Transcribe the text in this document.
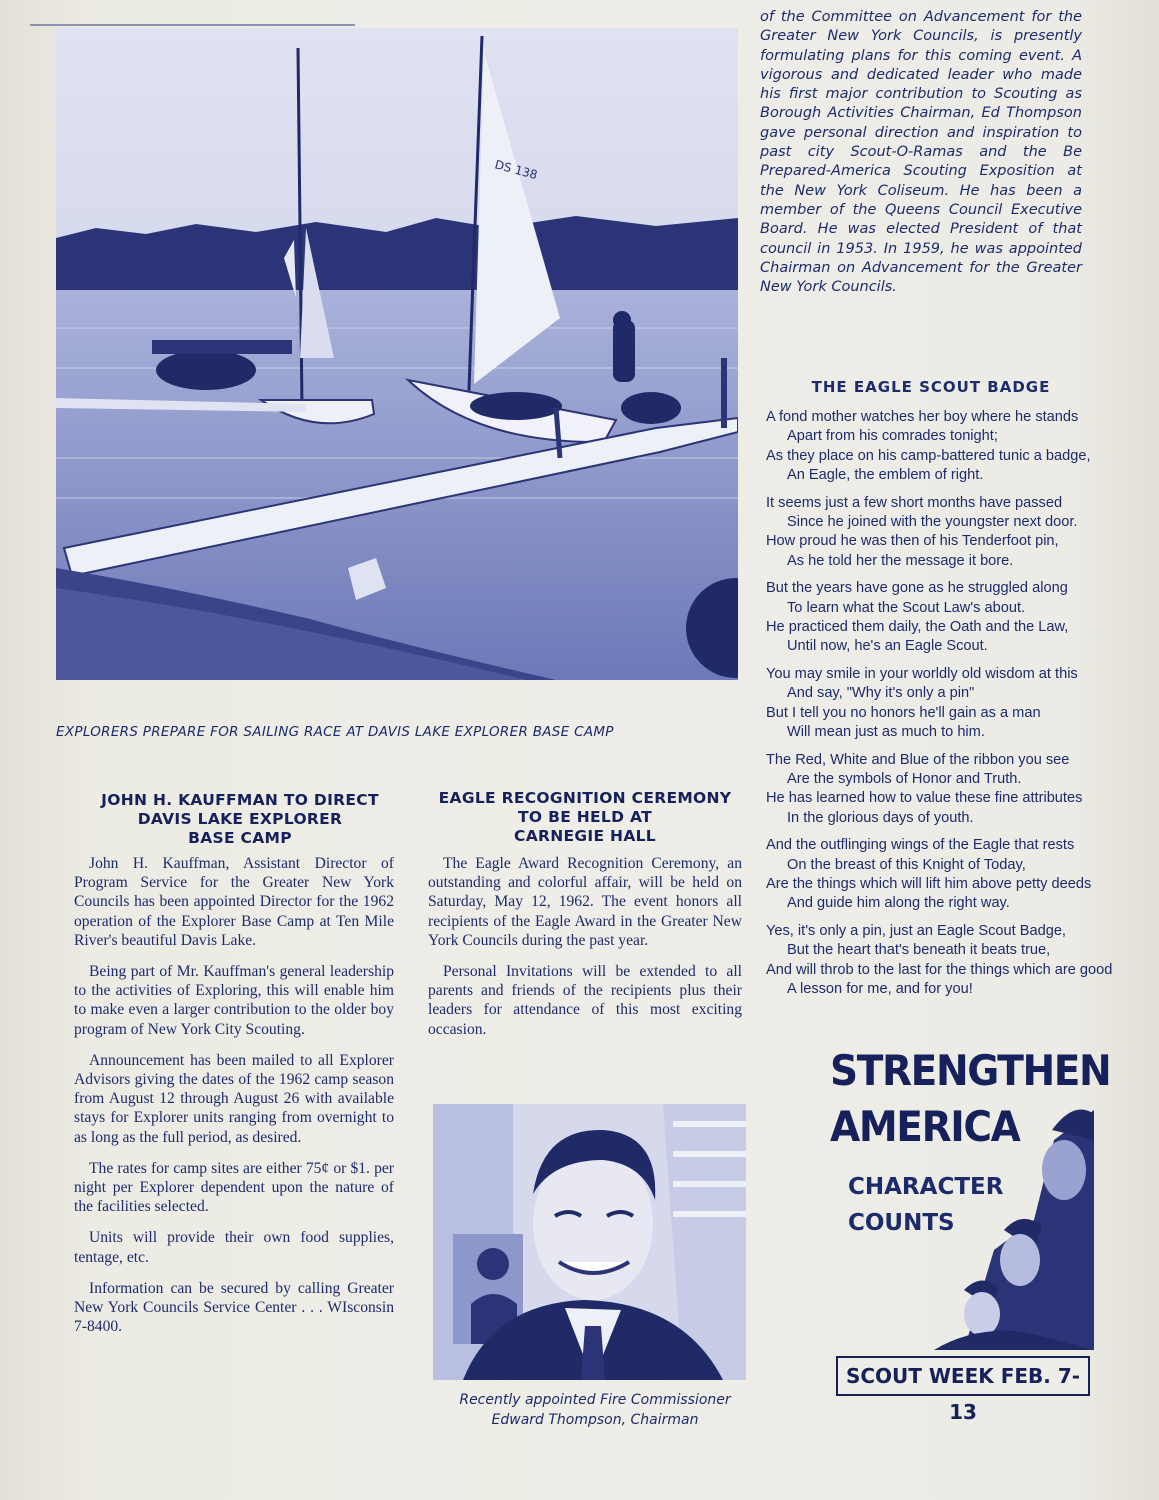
DS 138
EXPLORERS PREPARE FOR SAILING RACE AT DAVIS LAKE EXPLORER BASE CAMP

of the Committee on Advancement for the Greater New York Councils, is presently formulating plans for this coming event. A vigorous and dedicated leader who made his first major contribution to Scouting as Borough Activities Chairman, Ed Thompson gave personal direction and inspiration to past city Scout-O-Ramas and the Be Prepared-America Scouting Exposition at the New York Coliseum. He has been a member of the Queens Council Executive Board. He was elected President of that council in 1953. In 1959, he was appointed Chairman on Advancement for the Greater New York Councils.

THE EAGLE SCOUT BADGE

A fond mother watches her boy where he stands

Apart from his comrades tonight;

As they place on his camp-battered tunic a badge,

An Eagle, the emblem of right.

It seems just a few short months have passed

Since he joined with the youngster next door.

How proud he was then of his Tenderfoot pin,

As he told her the message it bore.

But the years have gone as he struggled along

To learn what the Scout Law's about.

He practiced them daily, the Oath and the Law,

Until now, he's an Eagle Scout.

You may smile in your worldly old wisdom at this

And say, "Why it's only a pin"

But I tell you no honors he'll gain as a man

Will mean just as much to him.

The Red, White and Blue of the ribbon you see

Are the symbols of Honor and Truth.

He has learned how to value these fine attributes

In the glorious days of youth.

And the outflinging wings of the Eagle that rests

On the breast of this Knight of Today,

Are the things which will lift him above petty deeds

And guide him along the right way.

Yes, it's only a pin, just an Eagle Scout Badge,

But the heart that's beneath it beats true,

And will throb to the last for the things which are good

A lesson for me, and for you!

JOHN H. KAUFFMAN TO DIRECT
DAVIS LAKE EXPLORER
BASE CAMP

John H. Kauffman, Assistant Director of Program Service for the Greater New York Councils has been appointed Director for the 1962 operation of the Explorer Base Camp at Ten Mile River's beautiful Davis Lake.

Being part of Mr. Kauffman's general leadership to the activities of Exploring, this will enable him to make even a larger contribution to the older boy program of New York City Scouting.

Announcement has been mailed to all Explorer Advisors giving the dates of the 1962 camp season from August 12 through August 26 with available stays for Explorer units ranging from overnight to as long as the full period, as desired.

The rates for camp sites are either 75¢ or $1. per night per Explorer dependent upon the nature of the facilities selected.

Units will provide their own food supplies, tentage, etc.

Information can be secured by calling Greater New York Councils Service Center . . . WIsconsin 7-8400.

EAGLE RECOGNITION CEREMONY
TO BE HELD AT
CARNEGIE HALL

The Eagle Award Recognition Ceremony, an outstanding and colorful affair, will be held on Saturday, May 12, 1962. The event honors all recipients of the Eagle Award in the Greater New York Councils during the past year.

Personal Invitations will be extended to all parents and friends of the recipients plus their leaders for attendance of this most exciting occasion.

Recently appointed Fire Commissioner Edward Thompson, Chairman
STRENGTHEN
AMERICA
CHARACTER
COUNTS
SCOUT WEEK FEB. 7-13
